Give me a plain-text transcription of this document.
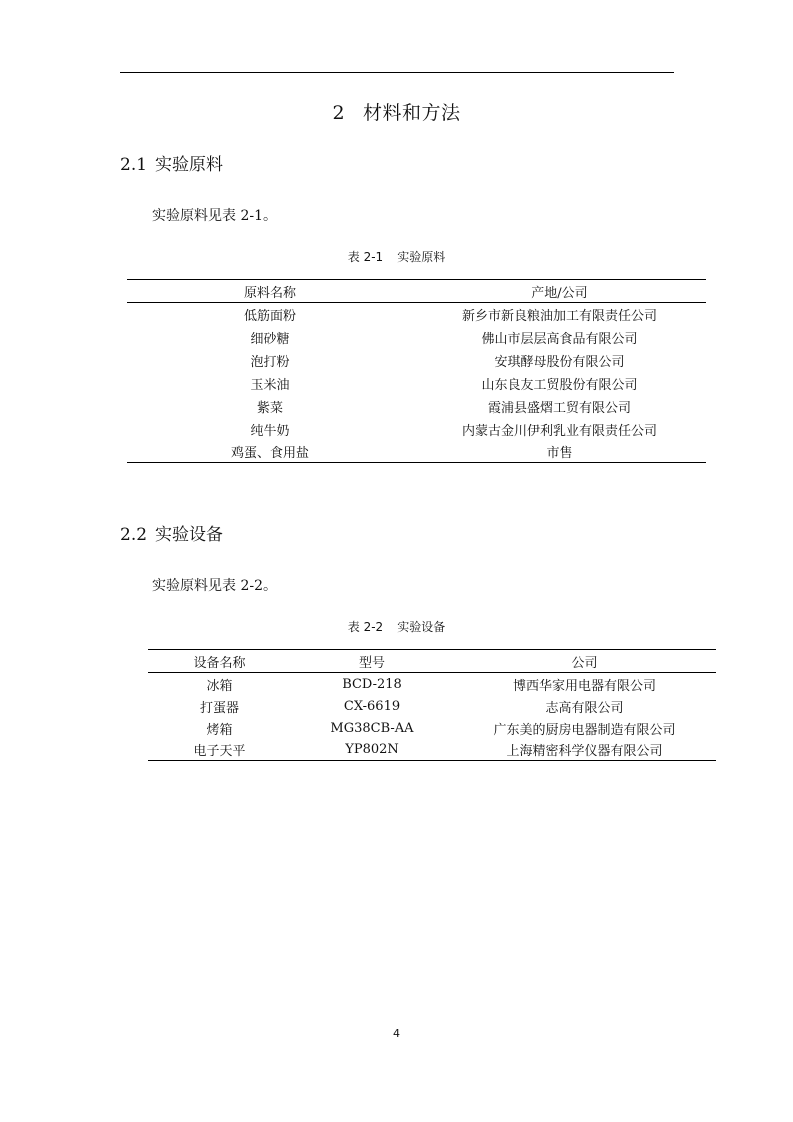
2 材料和方法
2.1 实验原料
实验原料见表 2-1。
表 2-1 实验原料
原料名称	产地/公司
低筋面粉	新乡市新良粮油加工有限责任公司
细砂糖	佛山市层层高食品有限公司
泡打粉	安琪酵母股份有限公司
玉米油	山东良友工贸股份有限公司
紫菜	霞浦县盛熠工贸有限公司
纯牛奶	内蒙古金川伊利乳业有限责任公司
鸡蛋、食用盐	市售
2.2 实验设备
实验原料见表 2-2。
表 2-2 实验设备
设备名称	型号	公司
冰箱	BCD-218	博西华家用电器有限公司
打蛋器	CX-6619	志高有限公司
烤箱	MG38CB-AA	广东美的厨房电器制造有限公司
电子天平	YP802N	上海精密科学仪器有限公司
4
